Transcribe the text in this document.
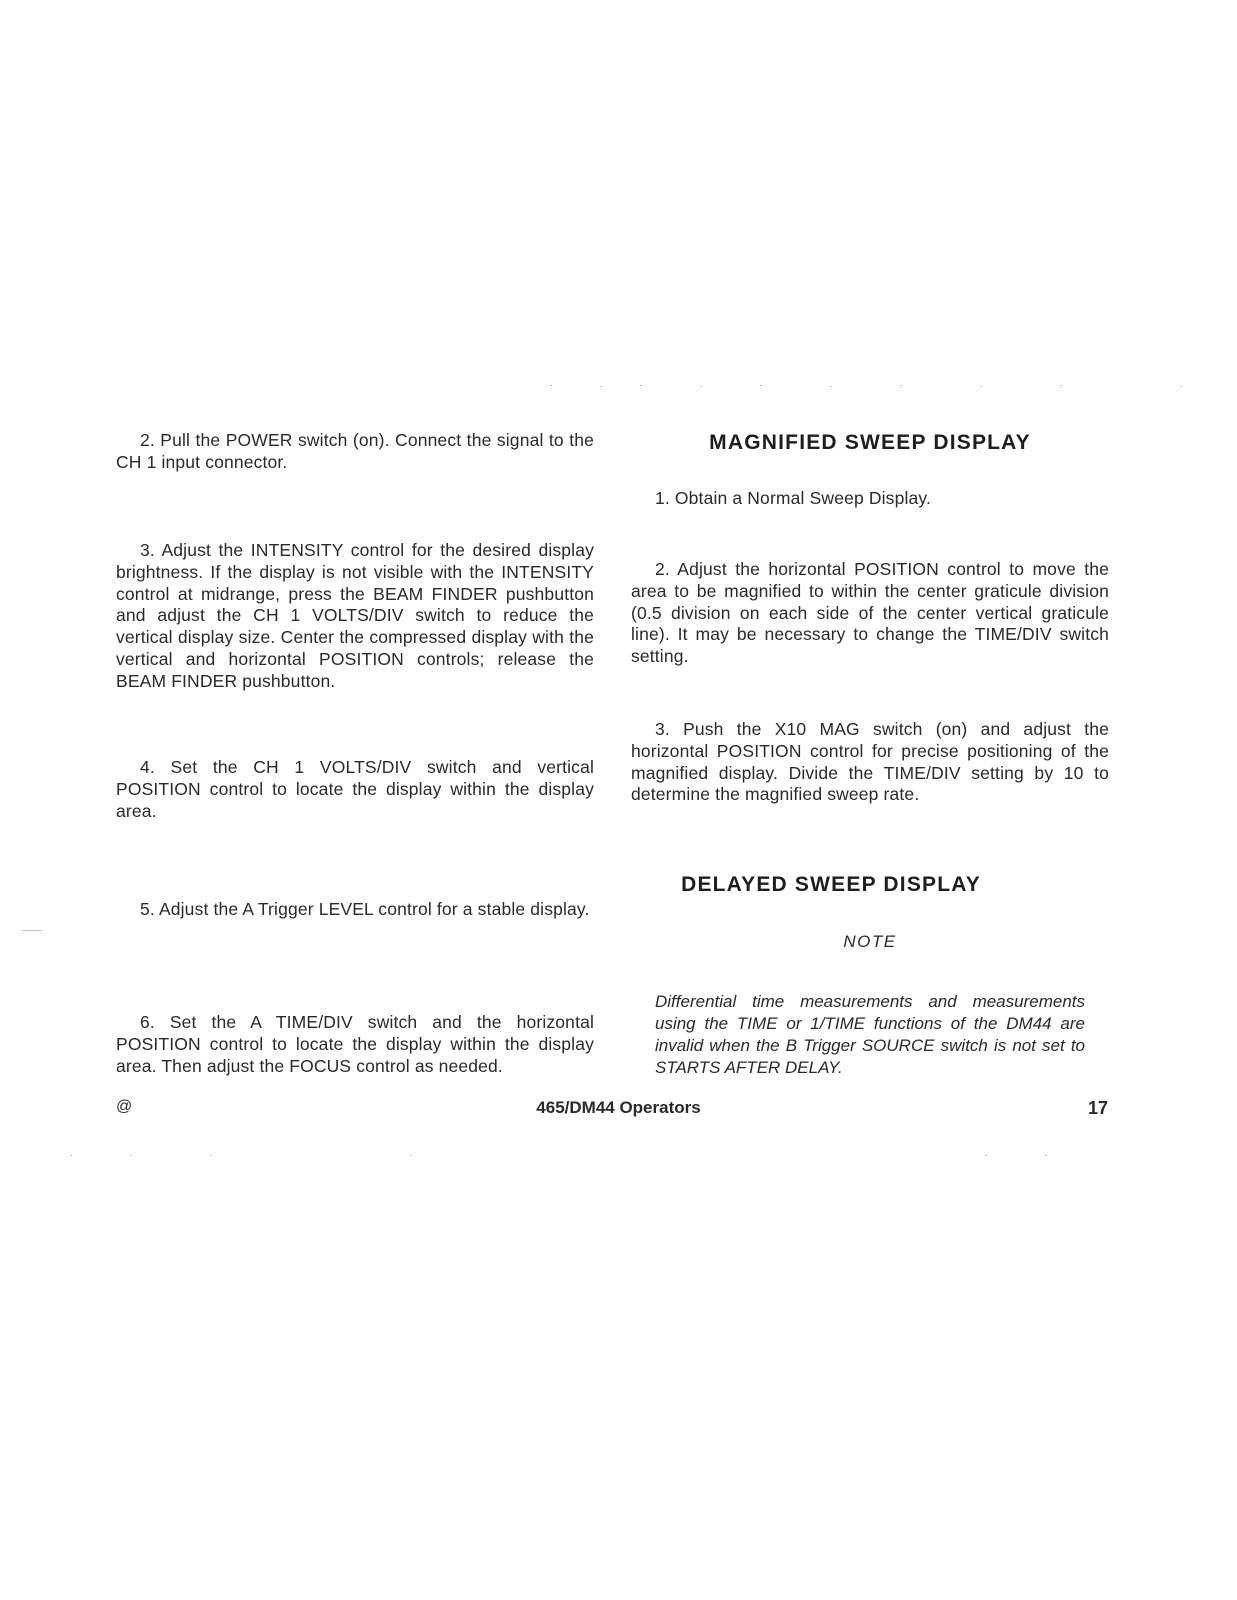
2. Pull the POWER switch (on). Connect the signal to the CH 1 input connector.

3. Adjust the INTENSITY control for the desired display brightness. If the display is not visible with the INTENSITY control at midrange, press the BEAM FINDER pushbutton and adjust the CH 1 VOLTS/DIV switch to reduce the vertical display size. Center the compressed display with the vertical and horizontal POSITION controls; release the BEAM FINDER pushbutton.

4. Set the CH 1 VOLTS/DIV switch and vertical POSITION control to locate the display within the display area.

5. Adjust the A Trigger LEVEL control for a stable display.

6. Set the A TIME/DIV switch and the horizontal POSITION control to locate the display within the display area. Then adjust the FOCUS control as needed.

MAGNIFIED SWEEP DISPLAY

1. Obtain a Normal Sweep Display.

2. Adjust the horizontal POSITION control to move the area to be magnified to within the center graticule division (0.5 division on each side of the center vertical graticule line). It may be necessary to change the TIME/DIV switch setting.

3. Push the X10 MAG switch (on) and adjust the horizontal POSITION control for precise positioning of the magnified display. Divide the TIME/DIV setting by 10 to determine the magnified sweep rate.

DELAYED SWEEP DISPLAY

NOTE

Differential time measurements and measurements using the TIME or 1/TIME functions of the DM44 are invalid when the B Trigger SOURCE switch is not set to STARTS AFTER DELAY.

@	465/DM44 Operators	17
